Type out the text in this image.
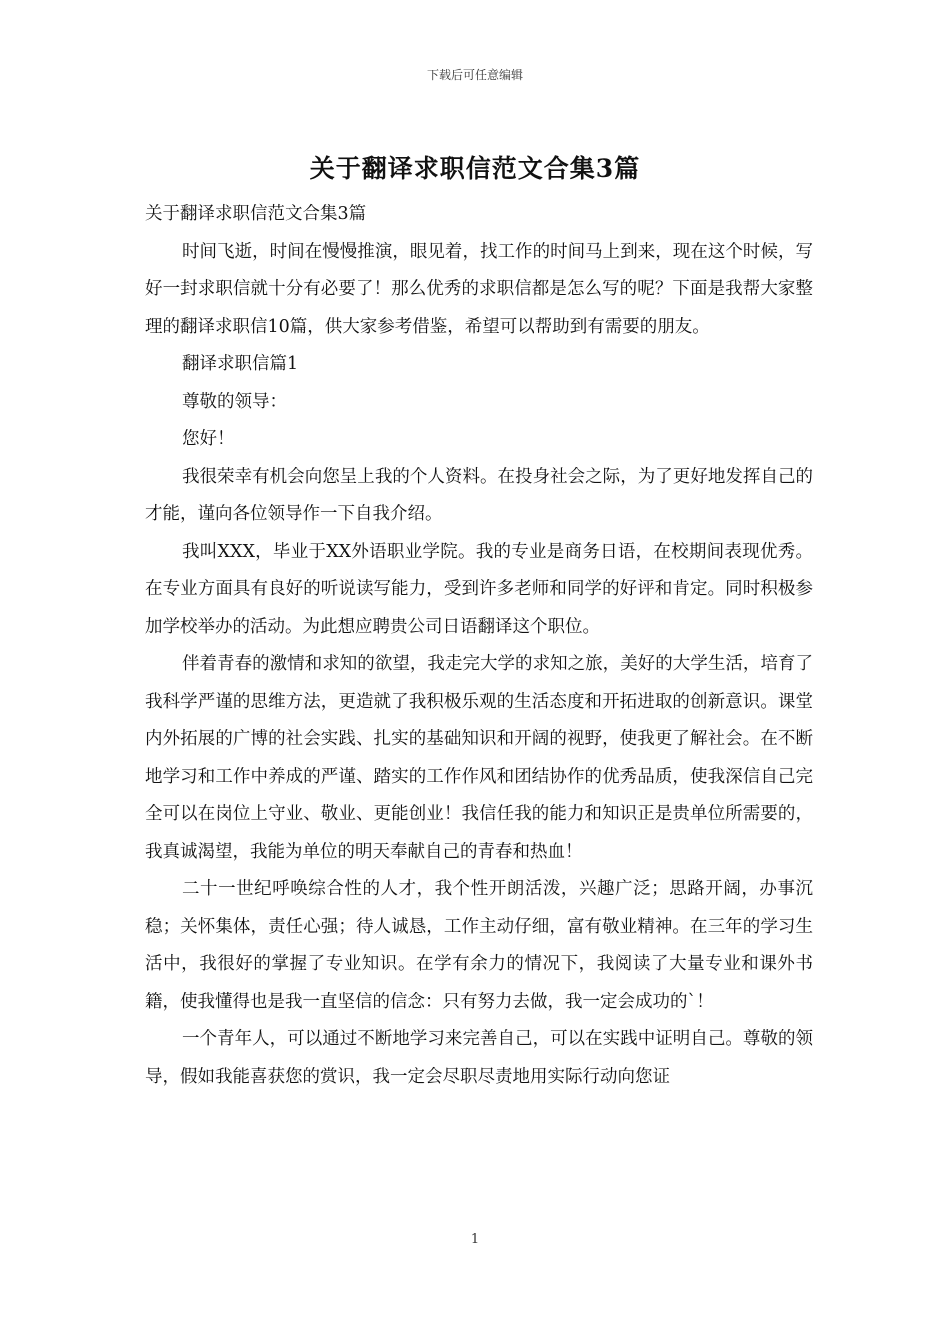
下载后可任意编辑
关于翻译求职信范文合集3篇

关于翻译求职信范文合集3篇

时间飞逝，时间在慢慢推演，眼见着，找工作的时间马上到来，现在这个时候，写好一封求职信就十分有必要了！那么优秀的求职信都是怎么写的呢？下面是我帮大家整理的翻译求职信10篇，供大家参考借鉴，希望可以帮助到有需要的朋友。

翻译求职信篇1

尊敬的领导：

您好！

我很荣幸有机会向您呈上我的个人资料。在投身社会之际，为了更好地发挥自己的才能，谨向各位领导作一下自我介绍。

我叫XXX，毕业于XX外语职业学院。我的专业是商务日语，在校期间表现优秀。在专业方面具有良好的听说读写能力，受到许多老师和同学的好评和肯定。同时积极参加学校举办的活动。为此想应聘贵公司日语翻译这个职位。

伴着青春的激情和求知的欲望，我走完大学的求知之旅，美好的大学生活，培育了我科学严谨的思维方法，更造就了我积极乐观的生活态度和开拓进取的创新意识。课堂内外拓展的广博的社会实践、扎实的基础知识和开阔的视野，使我更了解社会。在不断地学习和工作中养成的严谨、踏实的工作作风和团结协作的优秀品质，使我深信自己完全可以在岗位上守业、敬业、更能创业！我信任我的能力和知识正是贵单位所需要的，我真诚渴望，我能为单位的明天奉献自己的青春和热血！

二十一世纪呼唤综合性的人才，我个性开朗活泼，兴趣广泛；思路开阔，办事沉稳；关怀集体，责任心强；待人诚恳，工作主动仔细，富有敬业精神。在三年的学习生活中，我很好的掌握了专业知识。在学有余力的情况下，我阅读了大量专业和课外书籍，使我懂得也是我一直坚信的信念：只有努力去做，我一定会成功的`！

一个青年人，可以通过不断地学习来完善自己，可以在实践中证明自己。尊敬的领导，假如我能喜获您的赏识，我一定会尽职尽责地用实际行动向您证

1
